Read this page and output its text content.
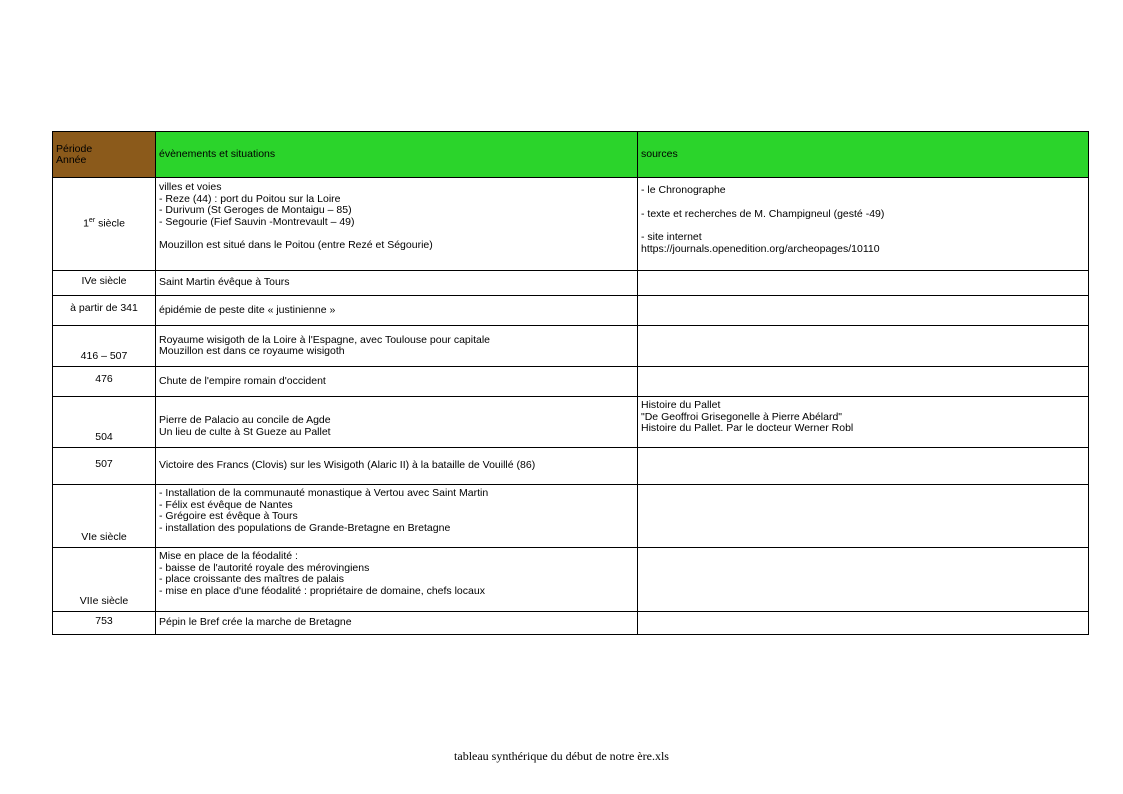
Période
Année	évènements et situations	sources
1er siècle	villes et voies
- Reze (44) : port du Poitou sur la Loire
- Durivum (St Geroges de Montaigu – 85)
- Segourie (Fief Sauvin -Montrevault – 49)
Mouzillon est situé dans le Poitou (entre Rezé et Ségourie)	- le Chronographe
- texte et recherches de M. Champigneul (gesté -49)
- site internet
https://journals.openedition.org/archeopages/10110

IVe siècle	Saint Martin évêque à Tours	

à partir de 341	épidémie de peste dite « justinienne »	

416 – 507	Royaume wisigoth de la Loire à l'Espagne, avec Toulouse pour capitale
Mouzillon est dans ce royaume wisigoth	

476	Chute de l'empire romain d'occident	

504	Pierre de Palacio au concile de Agde
Un lieu de culte à St Gueze au Pallet	Histoire du Pallet
"De Geoffroi Grisegonelle à Pierre Abélard"
Histoire du Pallet. Par le docteur Werner Robl

507	Victoire des Francs (Clovis) sur les Wisigoth (Alaric II) à la bataille de Vouillé (86)	

VIe siècle	- Installation de la communauté monastique à Vertou avec Saint Martin
- Félix est évêque de Nantes
- Grégoire est évêque à Tours
- installation des populations de Grande-Bretagne en Bretagne	

VIIe siècle	Mise en place de la féodalité :
- baisse de l'autorité royale des mérovingiens
- place croissante des maîtres de palais
- mise en place d'une féodalité : propriétaire de domaine, chefs locaux	

753	Pépin le Bref crée la marche de Bretagne	

tableau synthérique du début de notre ère.xls
